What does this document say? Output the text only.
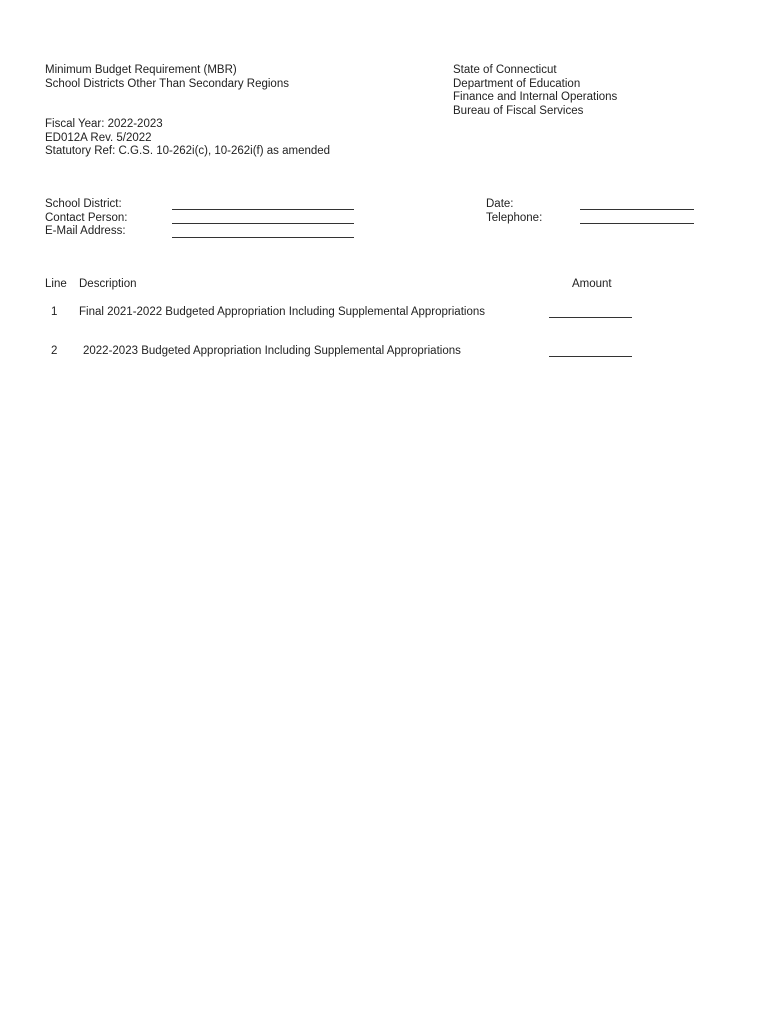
Minimum Budget Requirement (MBR)
School Districts Other Than Secondary Regions
State of Connecticut
Department of Education
Finance and Internal Operations
Bureau of Fiscal Services
Fiscal Year: 2022-2023
ED012A Rev. 5/2022
Statutory Ref: C.G.S. 10-262i(c), 10-262i(f) as amended
School District:
Contact Person:
E-Mail Address:
Date:
Telephone:
Line Description	Amount
1 Final 2021-2022 Budgeted Appropriation Including Supplemental Appropriations
2 2022-2023 Budgeted Appropriation Including Supplemental Appropriations
